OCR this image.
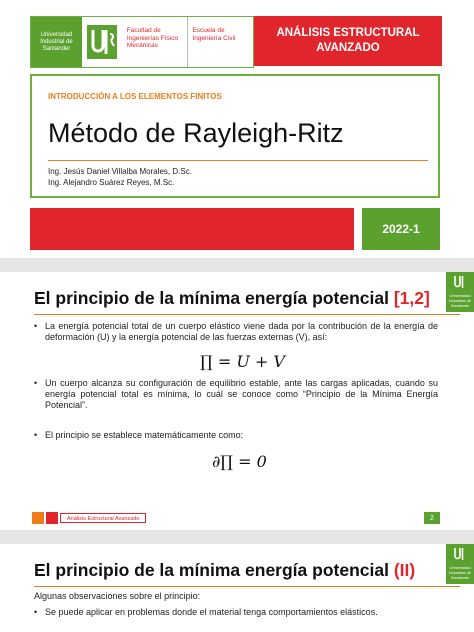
Universidad Industrial de Santander
Facultad de Ingenierías Físico Mecánicas
Escuela de Ingeniería Civil	ANÁLISIS ESTRUCTURAL AVANZADO
INTRODUCCIÓN A LOS ELEMENTOS FINITOS
Método de Rayleigh-Ritz
Ing. Jesús Daniel Villalba Morales, D.Sc.
Ing. Alejandro Suárez Reyes, M.Sc.
2022-1
El principio de la mínima energía potencial [1,2]	Universidad Industrial de Santander
• La energía potencial total de un cuerpo elástico viene dada por la contribución de la energía de deformación (U) y la energía potencial de las fuerzas externas (V), así:
∏ = U + V
• Un cuerpo alcanza su configuración de equilibrio estable, ante las cargas aplicadas, cuando su energía potencial total es mínima, lo cuál se conoce como “Principio de la Mínima Energía Potencial”.
• El principio se establece matemáticamente como:
∂∏ = 0
Análisis Estructural Avanzado	2
El principio de la mínima energía potencial (II)	Universidad Industrial de Santander
Algunas observaciones sobre el principio:
• Se puede aplicar en problemas donde el material tenga comportamientos elásticos.
